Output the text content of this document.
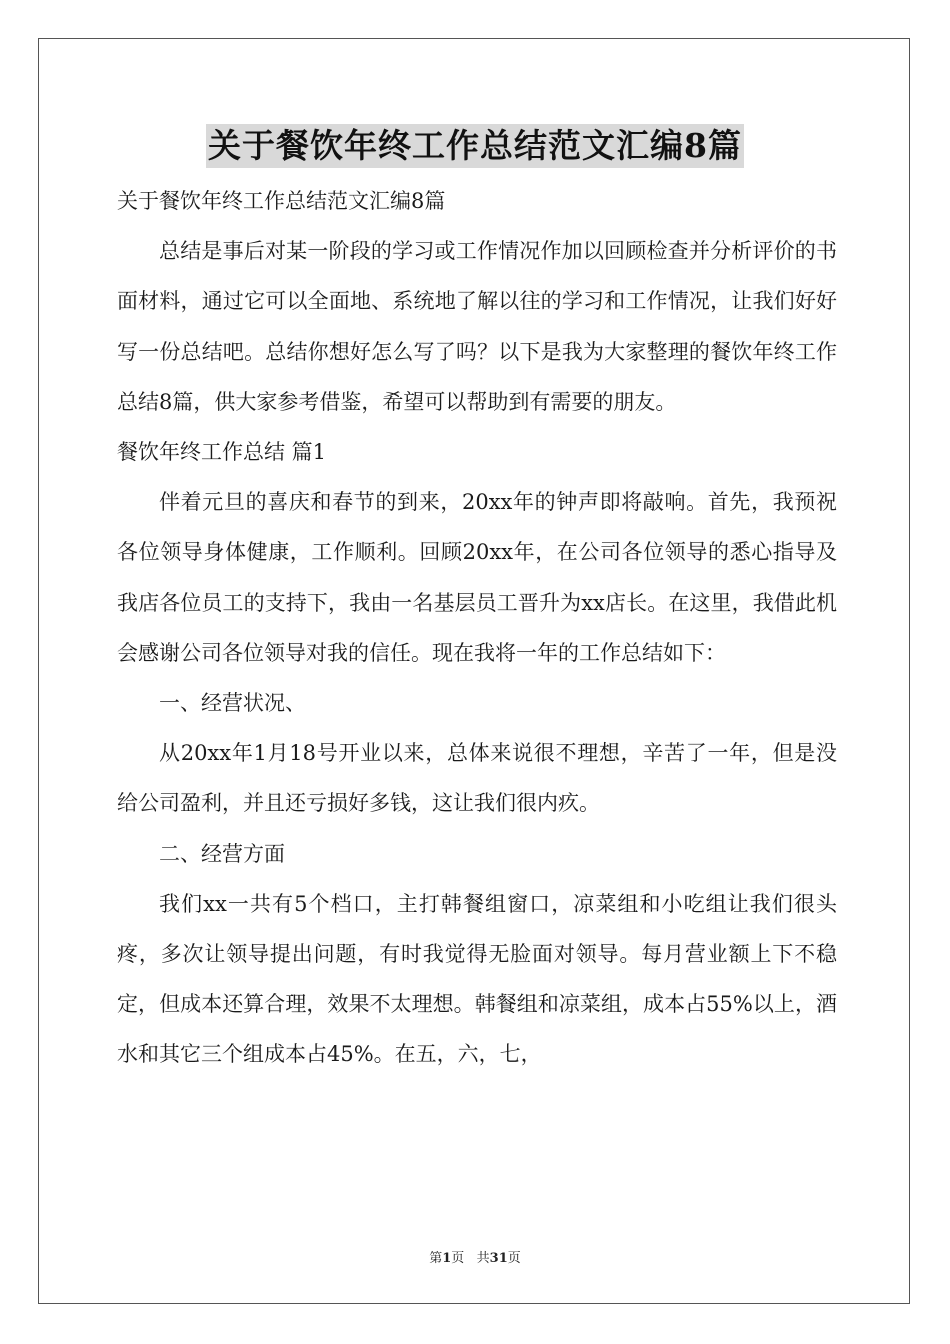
关于餐饮年终工作总结范文汇编8篇

关于餐饮年终工作总结范文汇编8篇

总结是事后对某一阶段的学习或工作情况作加以回顾检查并分析评价的书面材料，通过它可以全面地、系统地了解以往的学习和工作情况，让我们好好写一份总结吧。总结你想好怎么写了吗？以下是我为大家整理的餐饮年终工作总结8篇，供大家参考借鉴，希望可以帮助到有需要的朋友。

餐饮年终工作总结 篇1

伴着元旦的喜庆和春节的到来，20xx年的钟声即将敲响。首先，我预祝各位领导身体健康，工作顺利。回顾20xx年，在公司各位领导的悉心指导及我店各位员工的支持下，我由一名基层员工晋升为xx店长。在这里，我借此机会感谢公司各位领导对我的信任。现在我将一年的工作总结如下：

一、经营状况、

从20xx年1月18号开业以来，总体来说很不理想，辛苦了一年，但是没给公司盈利，并且还亏损好多钱，这让我们很内疚。

二、经营方面

我们xx一共有5个档口，主打韩餐组窗口，凉菜组和小吃组让我们很头疼，多次让领导提出问题，有时我觉得无脸面对领导。每月营业额上下不稳定，但成本还算合理，效果不太理想。韩餐组和凉菜组，成本占55%以上，酒水和其它三个组成本占45%。在五，六，七，

第1页   共31页
